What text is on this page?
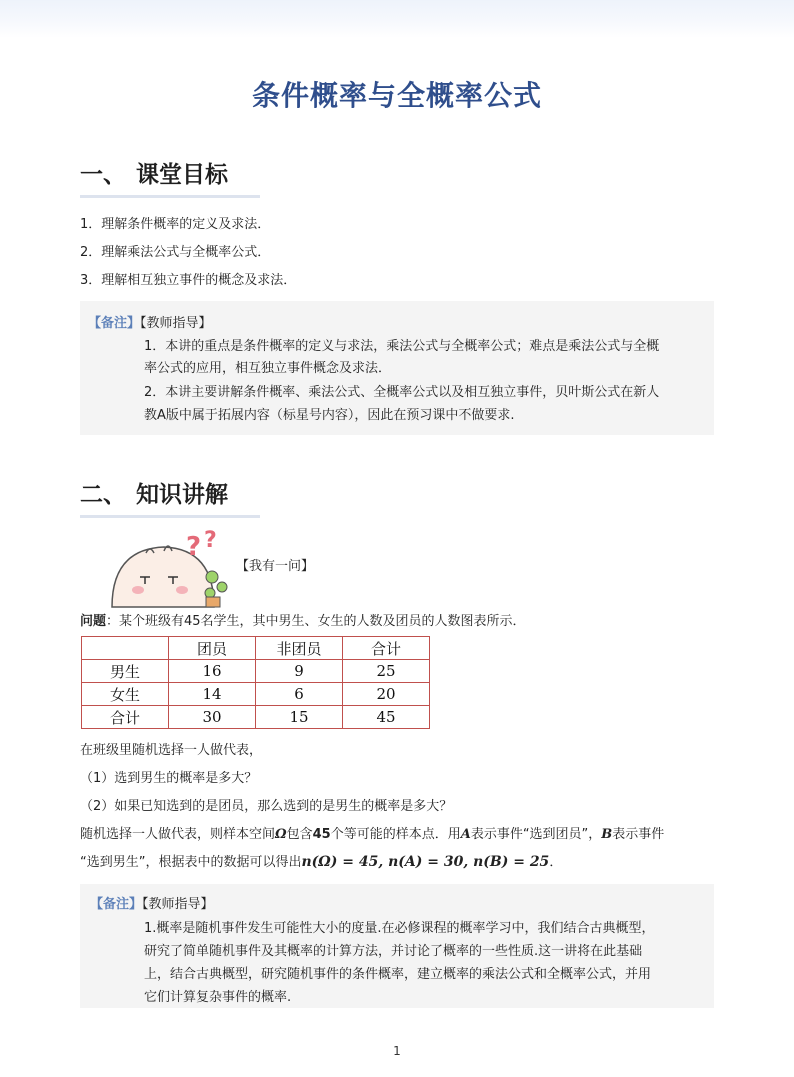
条件概率与全概率公式
一、 课堂目标
1．理解条件概率的定义及求法．
2．理解乘法公式与全概率公式．
3．理解相互独立事件的概念及求法．
【备注】【教师指导】
1．本讲的重点是条件概率的定义与求法，乘法公式与全概率公式；难点是乘法公式与全概
率公式的应用，相互独立事件概念及求法．
2．本讲主要讲解条件概率、乘法公式、全概率公式以及相互独立事件，贝叶斯公式在新人
教A版中属于拓展内容（标星号内容），因此在预习课中不做要求.
二、 知识讲解
? ?
【我有一问】
问题：某个班级有45名学生，其中男生、女生的人数及团员的人数图表所示．
	团员	非团员	合计
男生	16	9	25
女生	14	6	20
合计	30	15	45
在班级里随机选择一人做代表，
（1）选到男生的概率是多大？
（2）如果已知选到的是团员，那么选到的是男生的概率是多大？
随机选择一人做代表，则样本空间Ω包含45个等可能的样本点．用A表示事件“选到团员”，B表示事件
“选到男生”，根据表中的数据可以得出n(Ω) = 45, n(A) = 30, n(B) = 25．
【备注】【教师指导】
1.概率是随机事件发生可能性大小的度量.在必修课程的概率学习中，我们结合古典概型，
研究了简单随机事件及其概率的计算方法，并讨论了概率的一些性质.这一讲将在此基础
上，结合古典概型，研究随机事件的条件概率，建立概率的乘法公式和全概率公式，并用
它们计算复杂事件的概率.
1
